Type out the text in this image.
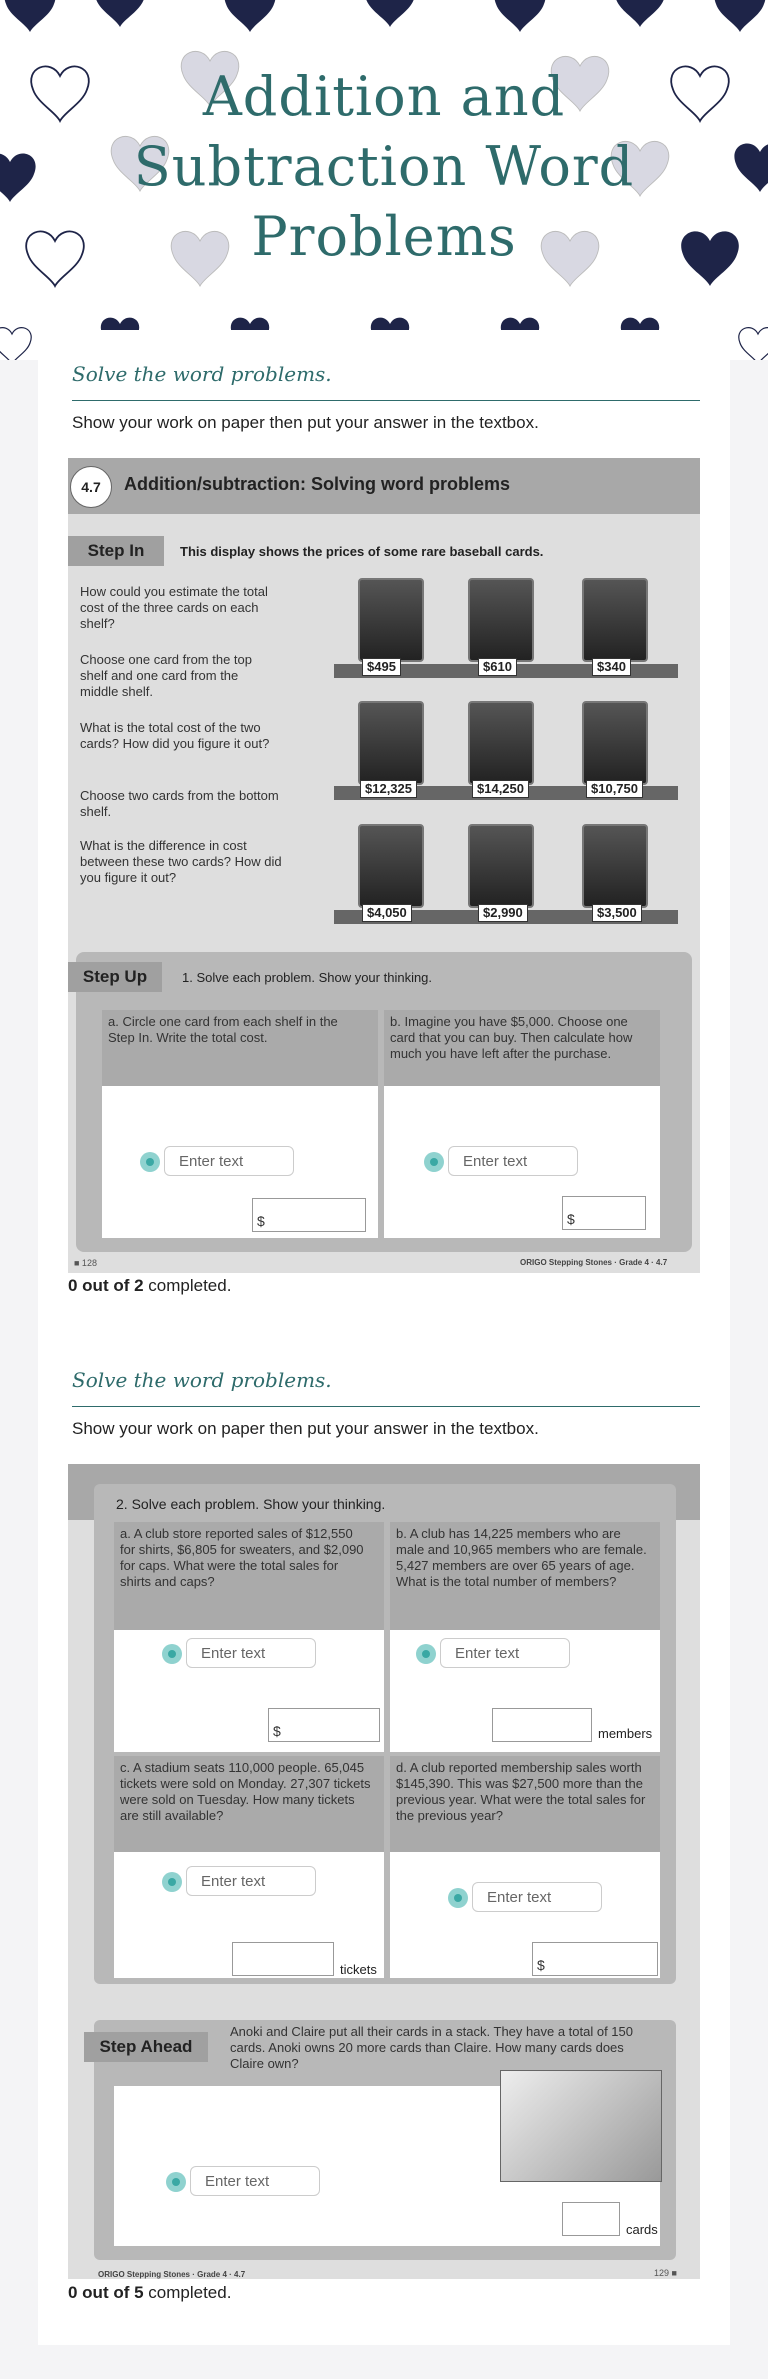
Addition and
Subtraction Word
Problems
Solve the word problems.
Show your work on paper then put your answer in the textbox.
4.7	Addition/subtraction: Solving word problems
Step In	This display shows the prices of some rare baseball cards.
How could you estimate the total cost of the three cards on each shelf?
Choose one card from the top shelf and one card from the middle shelf.
What is the total cost of the two cards? How did you figure it out?
Choose two cards from the bottom shelf.
What is the difference in cost between these two cards? How did you figure it out?
$495	$610	$340
$12,325	$14,250	$10,750
$4,050	$2,990	$3,500
Step Up	1. Solve each problem. Show your thinking.
a. Circle one card from each shelf in the Step In. Write the total cost.
b. Imagine you have $5,000. Choose one card that you can buy. Then calculate how much you have left after the purchase.
$	$
■ 128	ORIGO Stepping Stones · Grade 4 · 4.7
Enter text	Enter text
0 out of 2 completed.
Solve the word problems.
Show your work on paper then put your answer in the textbox.
2. Solve each problem. Show your thinking.
a. A club store reported sales of $12,550 for shirts, $6,805 for sweaters, and $2,090 for caps. What were the total sales for shirts and caps?
b. A club has 14,225 members who are male and 10,965 members who are female. 5,427 members are over 65 years of age. What is the total number of members?
$	members
c. A stadium seats 110,000 people. 65,045 tickets were sold on Monday. 27,307 tickets were sold on Tuesday. How many tickets are still available?
d. A club reported membership sales worth $145,390. This was $27,500 more than the previous year. What were the total sales for the previous year?
tickets	$
Step Ahead
Anoki and Claire put all their cards in a stack. They have a total of 150 cards. Anoki owns 20 more cards than Claire. How many cards does Claire own?
cards
ORIGO Stepping Stones · Grade 4 · 4.7	129 ■
Enter text	Enter text
Enter text
Enter text
Enter text
0 out of 5 completed.
